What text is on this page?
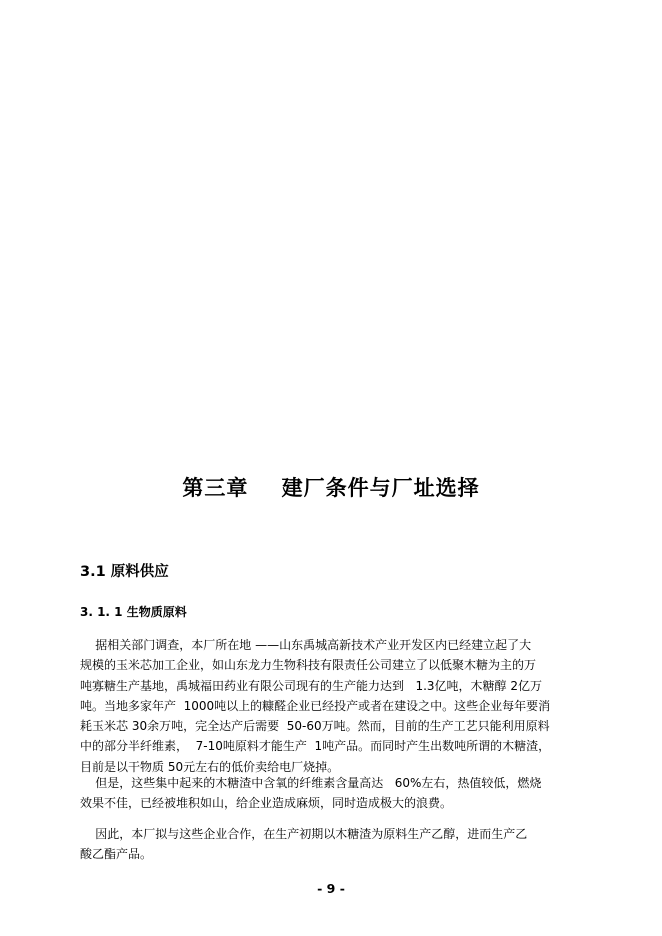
第三章    建厂条件与厂址选择
3.1 原料供应
3. 1. 1 生物质原料
据相关部门调查，本厂所在地 ——山东禹城高新技术产业开发区内已经建立起了大
规模的玉米芯加工企业，如山东龙力生物科技有限责任公司建立了以低聚木糖为主的万
吨寡糖生产基地，禹城福田药业有限公司现有的生产能力达到   1.3亿吨，木糖醇 2亿万
吨。当地多家年产  1000吨以上的糠醛企业已经投产或者在建设之中。这些企业每年要消
耗玉米芯 30余万吨，完全达产后需要  50-60万吨。然而，目前的生产工艺只能利用原料
中的部分半纤维素，  7-10吨原料才能生产  1吨产品。而同时产生出数吨所谓的木糖渣，
目前是以干物质 50元左右的低价卖给电厂烧掉。
但是，这些集中起来的木糖渣中含氧的纤维素含量高达   60%左右，热值较低，燃烧
效果不佳，已经被堆积如山，给企业造成麻烦，同时造成极大的浪费。
因此，本厂拟与这些企业合作，在生产初期以木糖渣为原料生产乙醇，进而生产乙
酸乙酯产品。
- 9 -
